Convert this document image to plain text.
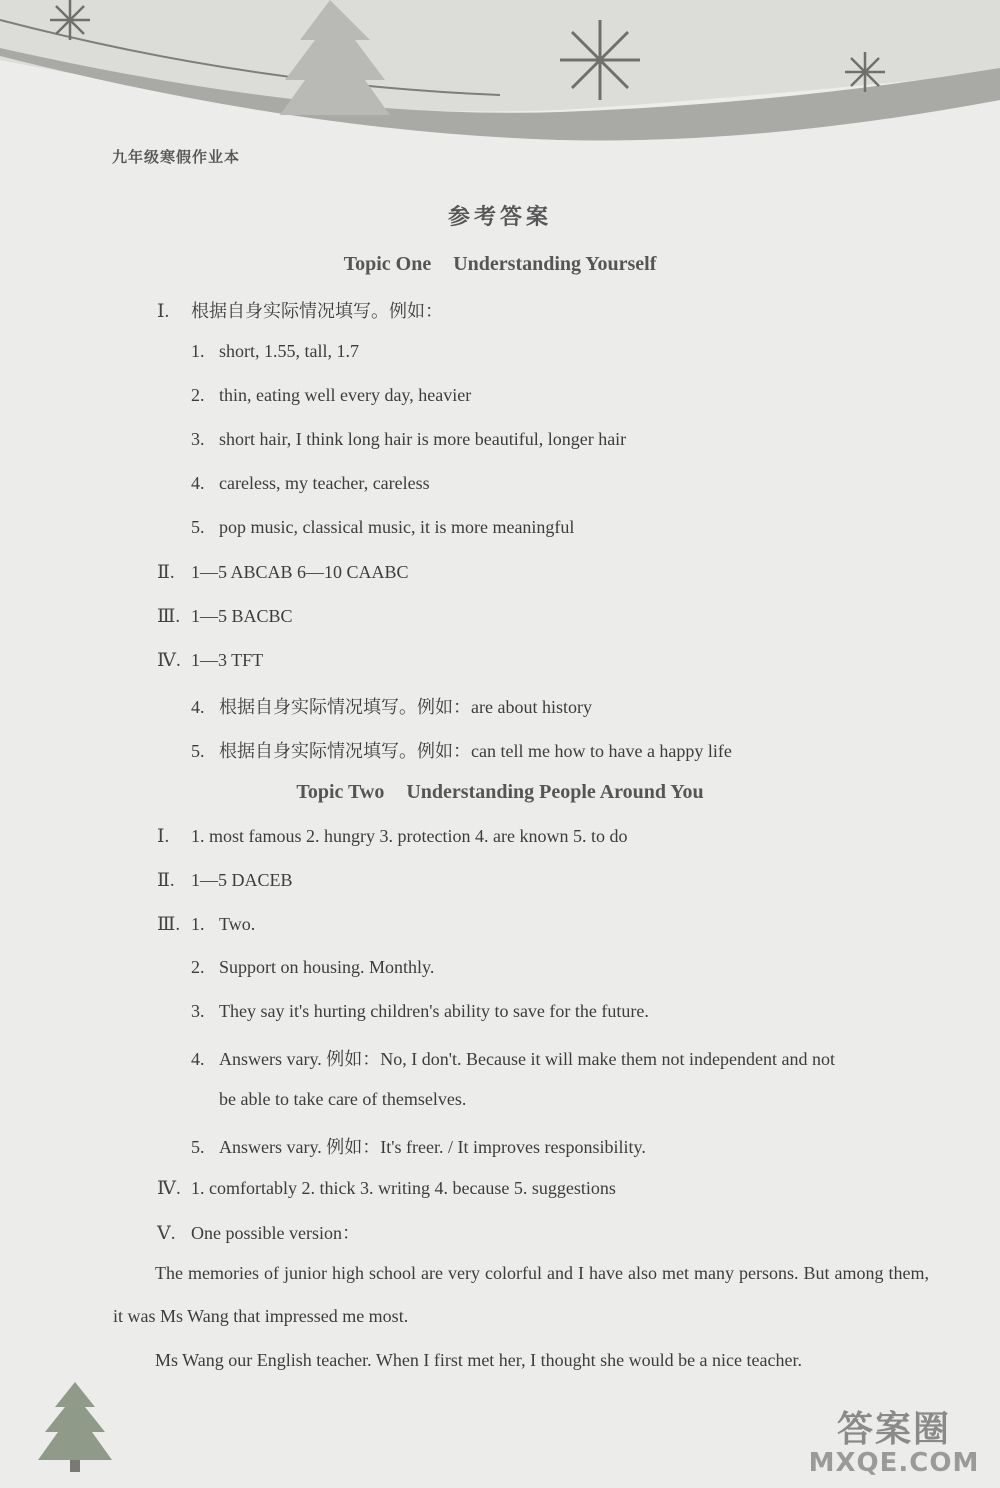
九年级寒假作业本
参考答案
Topic One Understanding Yourself
Ⅰ. 根据自身实际情况填写。例如：
1. short, 1.55, tall, 1.7
2. thin, eating well every day, heavier
3. short hair, I think long hair is more beautiful, longer hair
4. careless, my teacher, careless
5. pop music, classical music, it is more meaningful
Ⅱ. 1—5 ABCAB 6—10 CAABC
Ⅲ. 1—5 BACBC
Ⅳ. 1—3 TFT
4. 根据自身实际情况填写。例如：are about history
5. 根据自身实际情况填写。例如：can tell me how to have a happy life
Topic Two Understanding People Around You
Ⅰ. 1. most famous 2. hungry 3. protection 4. are known 5. to do
Ⅱ. 1—5 DACEB
Ⅲ. 1. Two.
2. Support on housing. Monthly.
3. They say it's hurting children's ability to save for the future.
4. Answers vary. 例如：No, I don't. Because it will make them not independent and not
be able to take care of themselves.
5. Answers vary. 例如：It's freer. / It improves responsibility.
Ⅳ. 1. comfortably 2. thick 3. writing 4. because 5. suggestions
Ⅴ. One possible version：
The memories of junior high school are very colorful and I have also met many persons. But among them, it was Ms Wang that impressed me most.
Ms Wang our English teacher. When I first met her, I thought she would be a nice teacher.
答案圈
MXQE.COM
